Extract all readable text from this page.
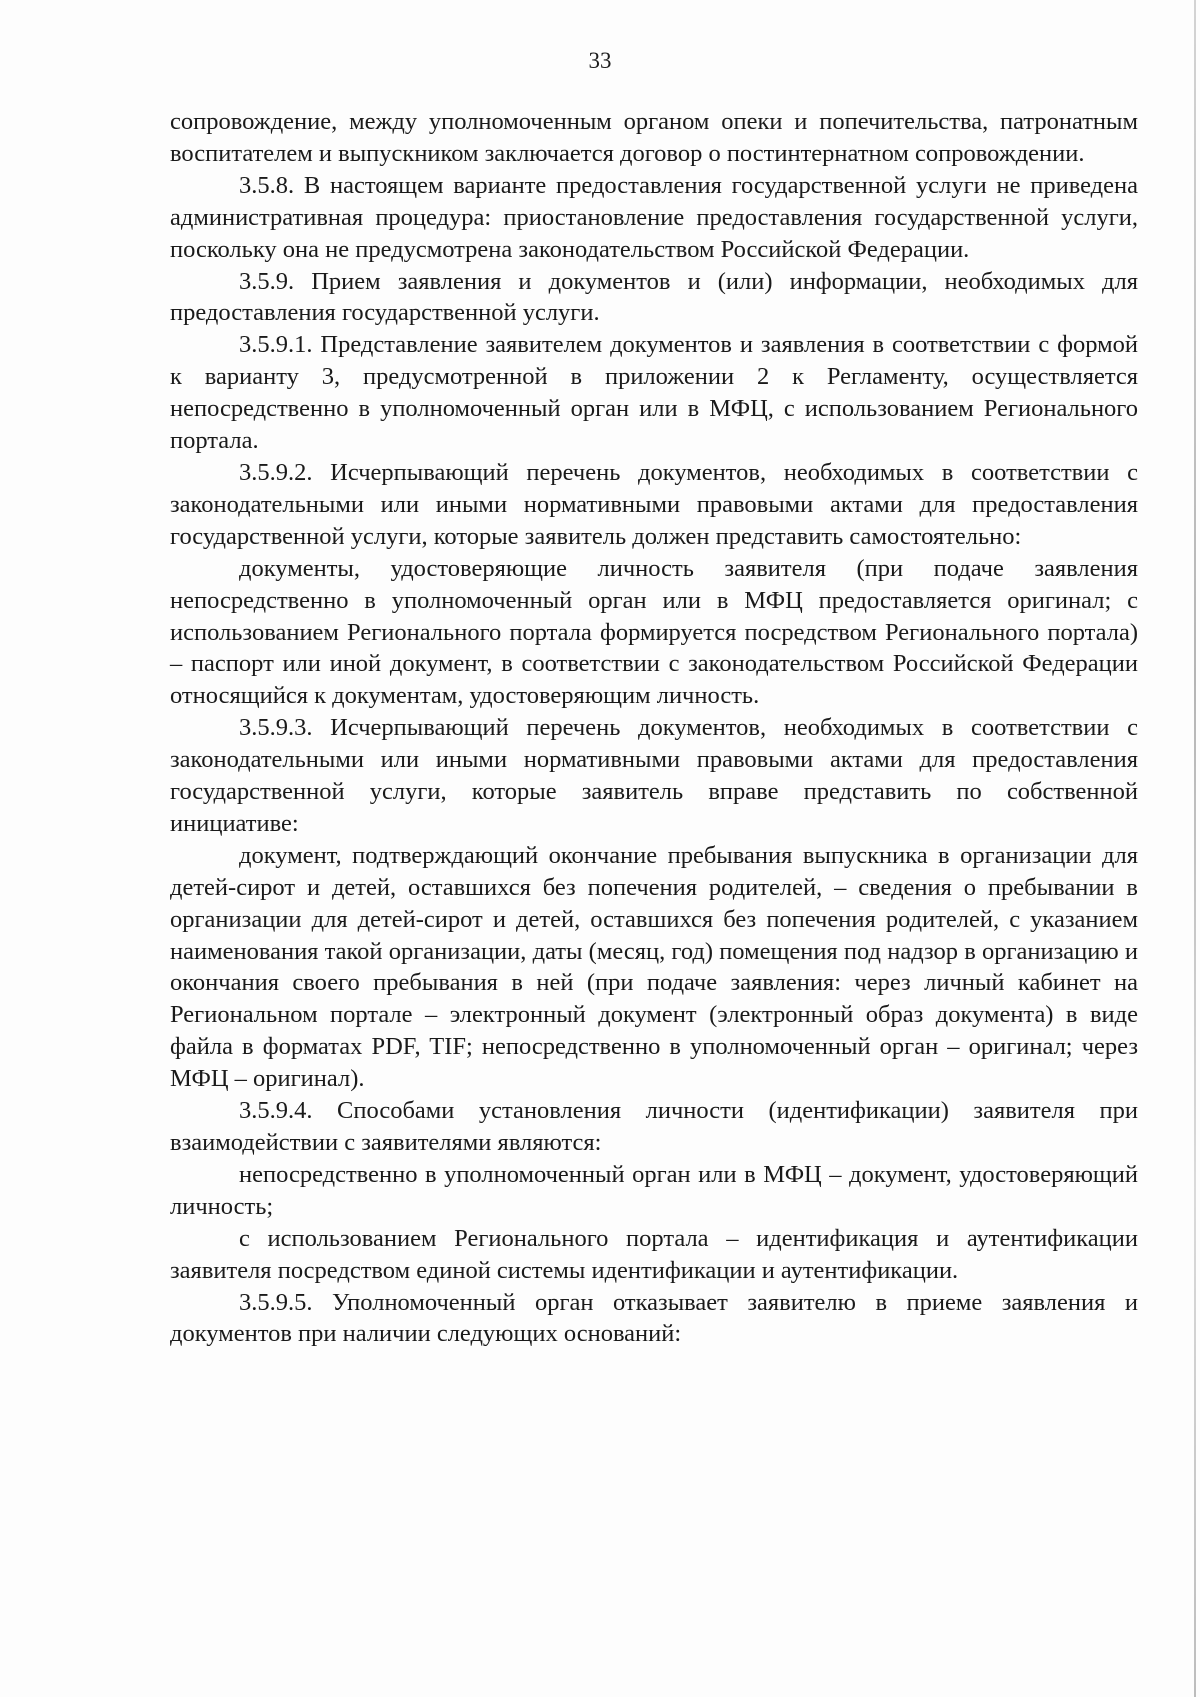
33

сопровождение, между уполномоченным органом опеки и попечительства, патронатным воспитателем и выпускником заключается договор о постинтернатном сопровождении.

3.5.8. В настоящем варианте предоставления государственной услуги не приведена административная процедура: приостановление предоставления государственной услуги, поскольку она не предусмотрена законодательством Российской Федерации.

3.5.9. Прием заявления и документов и (или) информации, необходимых для предоставления государственной услуги.

3.5.9.1. Представление заявителем документов и заявления в соответствии с формой к варианту 3, предусмотренной в приложении 2 к Регламенту, осуществляется непосредственно в уполномоченный орган или в МФЦ, с использованием Регионального портала.

3.5.9.2. Исчерпывающий перечень документов, необходимых в соответствии с законодательными или иными нормативными правовыми актами для предоставления государственной услуги, которые заявитель должен представить самостоятельно:

документы, удостоверяющие личность заявителя (при подаче заявления непосредственно в уполномоченный орган или в МФЦ предоставляется оригинал; с использованием Регионального портала формируется посредством Регионального портала) – паспорт или иной документ, в соответствии с законодательством Российской Федерации относящийся к документам, удостоверяющим личность.

3.5.9.3. Исчерпывающий перечень документов, необходимых в соответствии с законодательными или иными нормативными правовыми актами для предоставления государственной услуги, которые заявитель вправе представить по собственной инициативе:

документ, подтверждающий окончание пребывания выпускника в организации для детей-сирот и детей, оставшихся без попечения родителей, – сведения о пребывании в организации для детей-сирот и детей, оставшихся без попечения родителей, с указанием наименования такой организации, даты (месяц, год) помещения под надзор в организацию и окончания своего пребывания в ней (при подаче заявления: через личный кабинет на Региональном портале – электронный документ (электронный образ документа) в виде файла в форматах PDF, TIF; непосредственно в уполномоченный орган – оригинал; через МФЦ – оригинал).

3.5.9.4. Способами установления личности (идентификации) заявителя при взаимодействии с заявителями являются:

непосредственно в уполномоченный орган или в МФЦ – документ, удостоверяющий личность;

с использованием Регионального портала – идентификация и аутентификации заявителя посредством единой системы идентификации и аутентификации.

3.5.9.5. Уполномоченный орган отказывает заявителю в приеме заявления и документов при наличии следующих оснований:
